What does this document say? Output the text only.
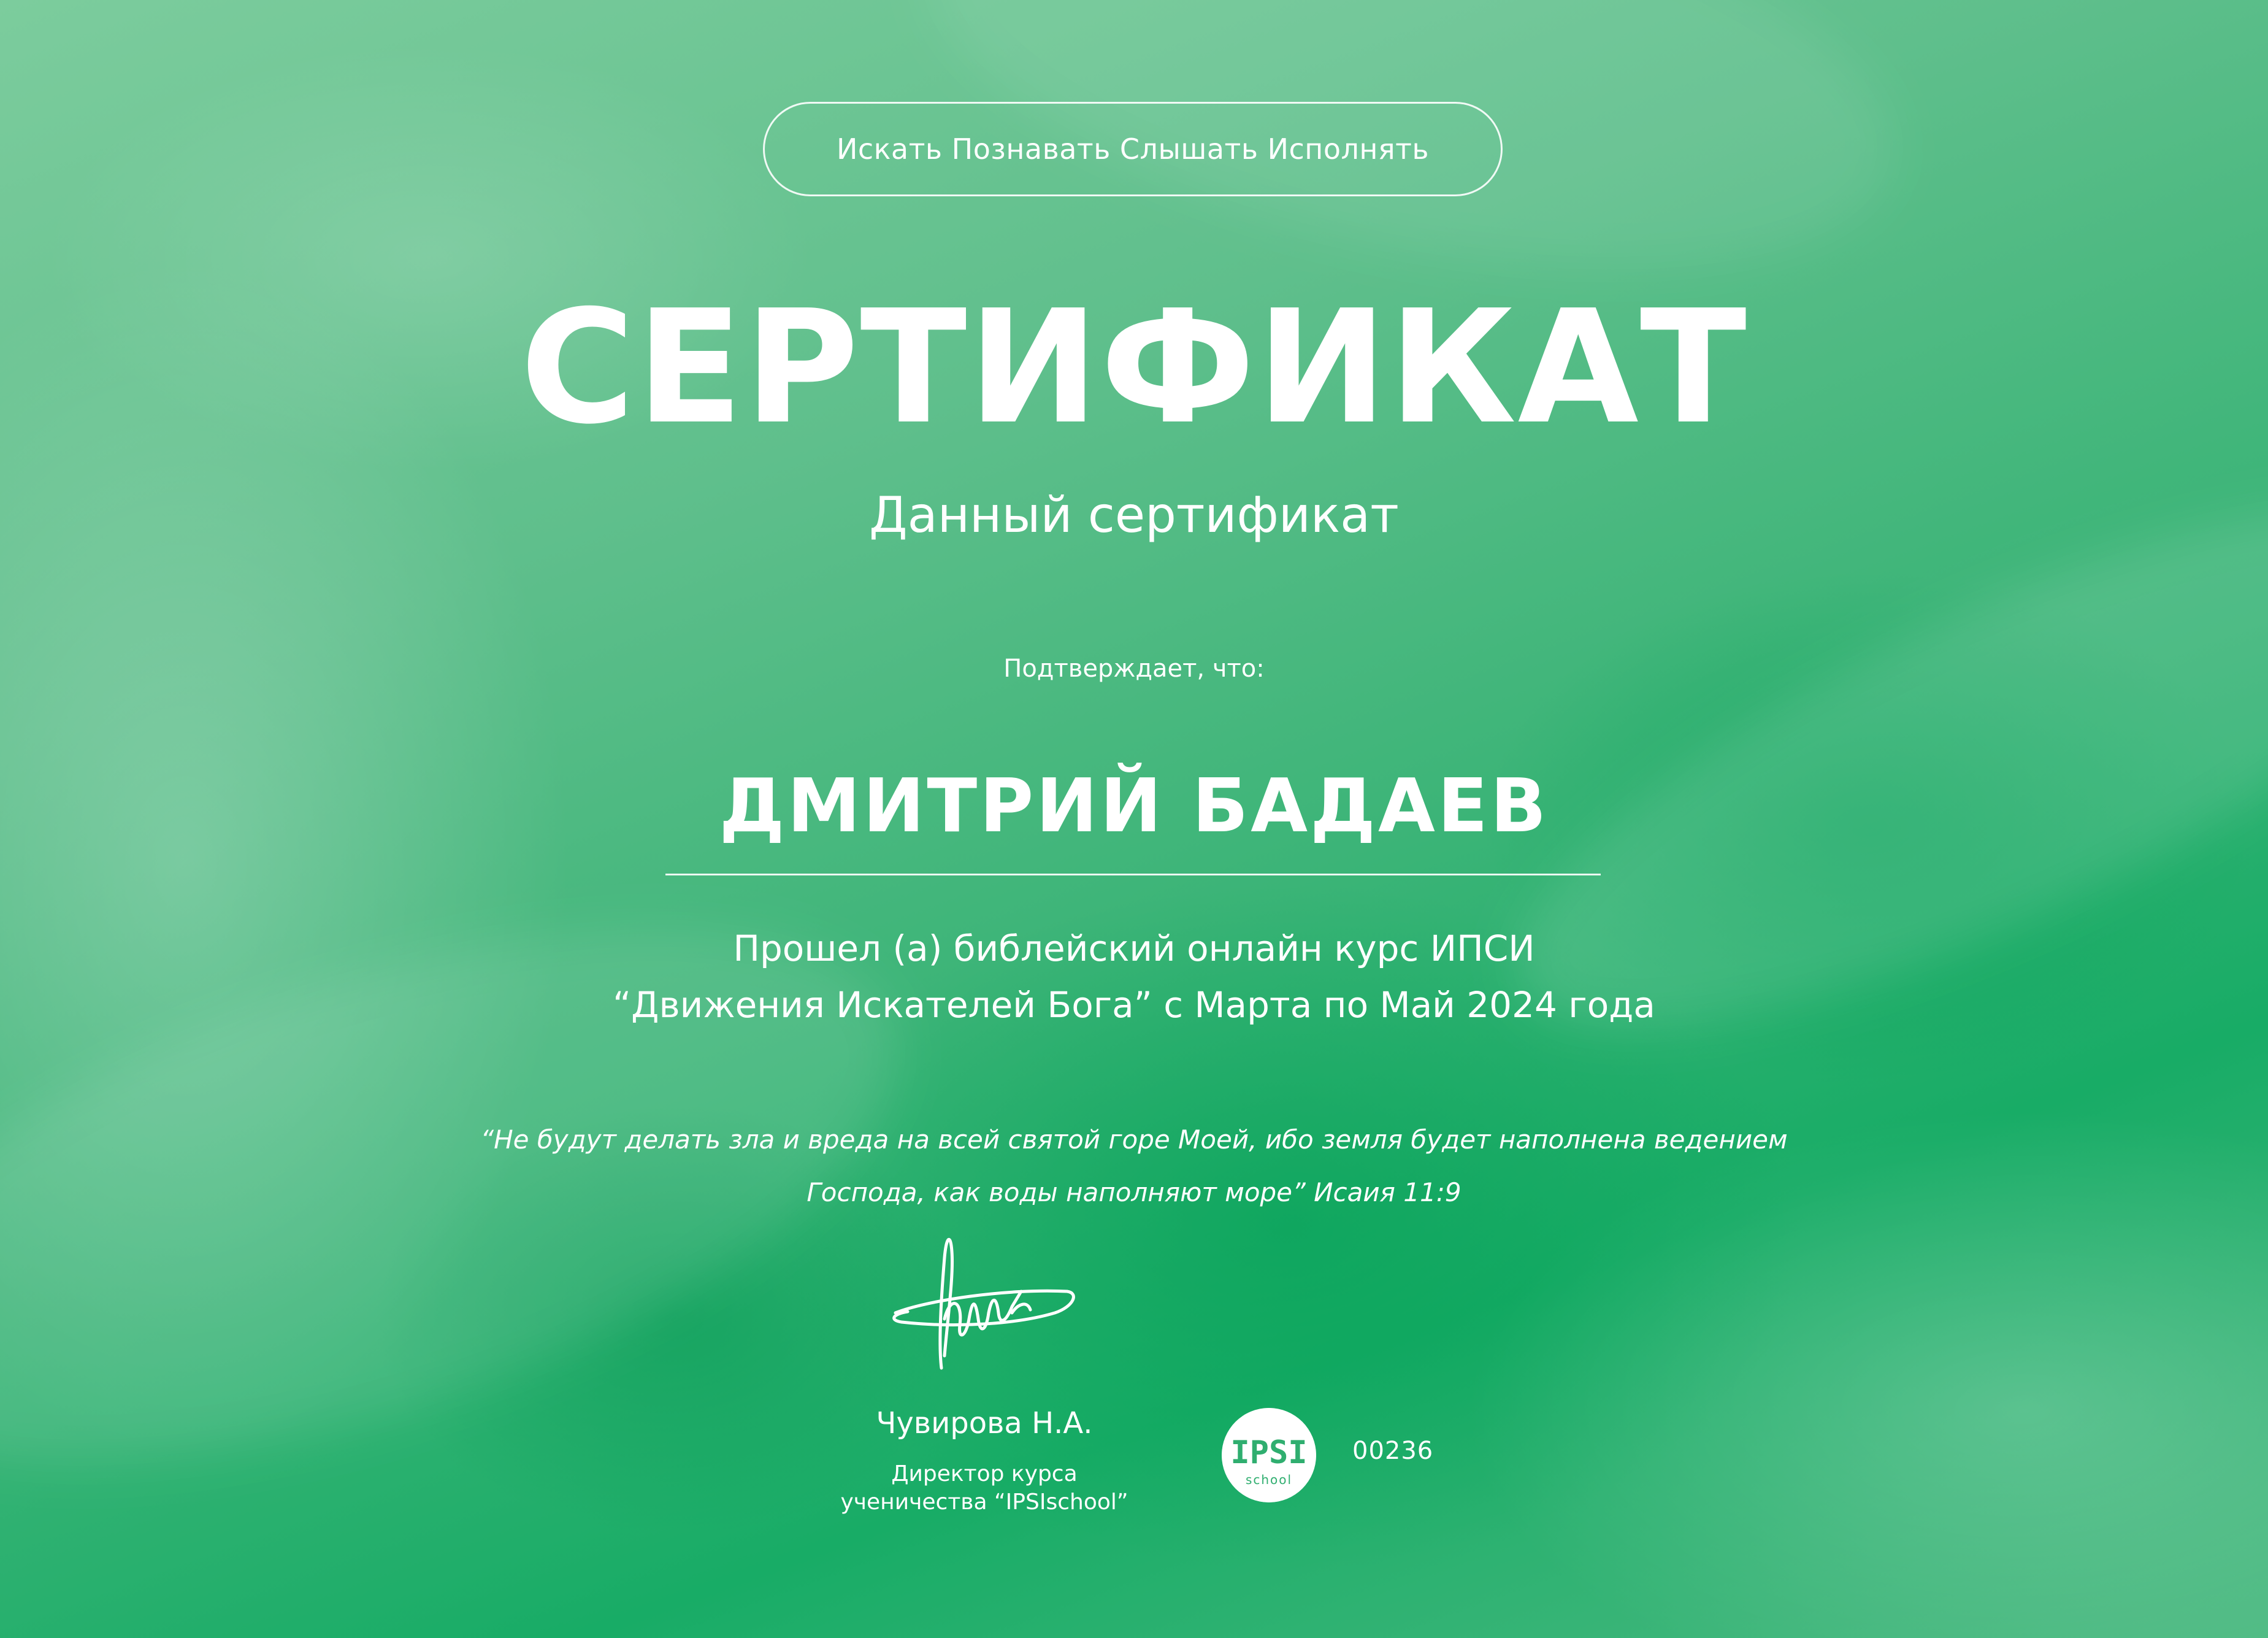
Искать Познавать Слышать Исполнять
СЕРТИФИКАТ
Данный сертификат
Подтверждает, что:
ДМИТРИЙ БАДАЕВ
Прошел (а) библейский онлайн курс ИПСИ
“Движения Искателей Бога” с Марта по Май 2024 года
“Не будут делать зла и вреда на всей святой горе Моей, ибо земля будет наполнена ведением
Господа, как воды наполняют море” Исаия 11:9
Чувирова Н.А.
Директор курса
ученичества “IPSIschool”
IPSI
school
00236
